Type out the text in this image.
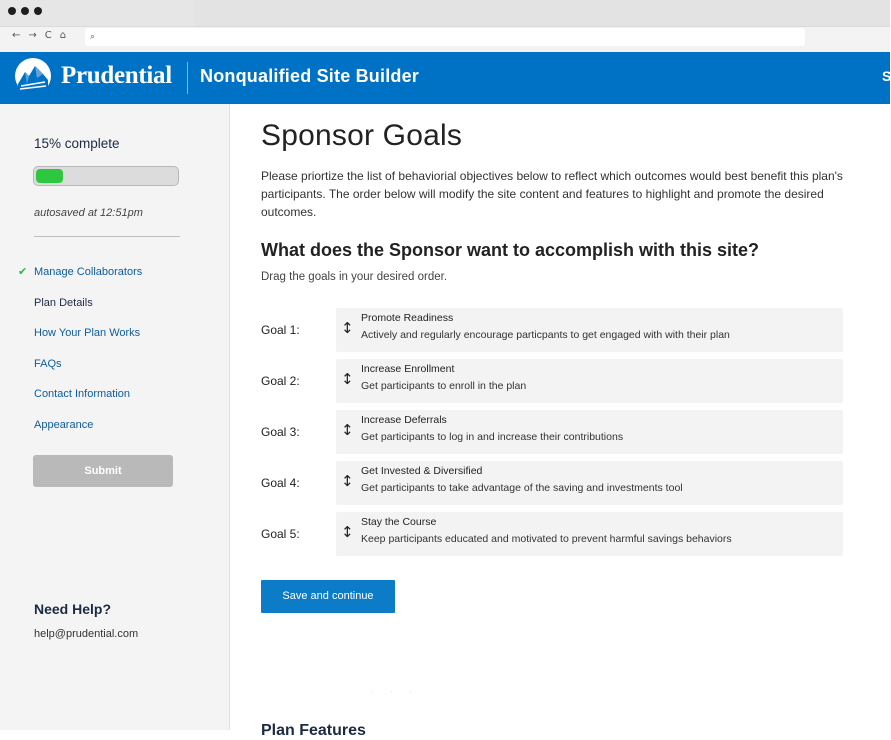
← → C ⌂	⌕
Prudential Nonqualified Site Builder	S
15% complete
autosaved at 12:51pm
✔ Manage Collaborators
Plan Details
How Your Plan Works
FAQs
Contact Information
Appearance
Submit
Need Help?
help@prudential.com
Sponsor Goals

Please priortize the list of behaviorial objectives below to reflect which outcomes would best benefit this plan's participants. The order below will modify the site content and features to highlight and promote the desired outcomes.

What does the Sponsor want to accomplish with this site?

Drag the goals in your desired order.

Goal 1:	↕
Promote Readiness
Actively and regularly encourage particpants to get engaged with with their plan
Goal 2:	↕
Increase Enrollment
Get participants to enroll in the plan
Goal 3:	↕
Increase Deferrals
Get participants to log in and increase their contributions
Goal 4:	↕
Get Invested & Diversified
Get participants to take advantage of the saving and investments tool
Goal 5:	↕
Stay the Course
Keep participants educated and motivated to prevent harmful savings behaviors
Save and continue
. . .
Plan Features
